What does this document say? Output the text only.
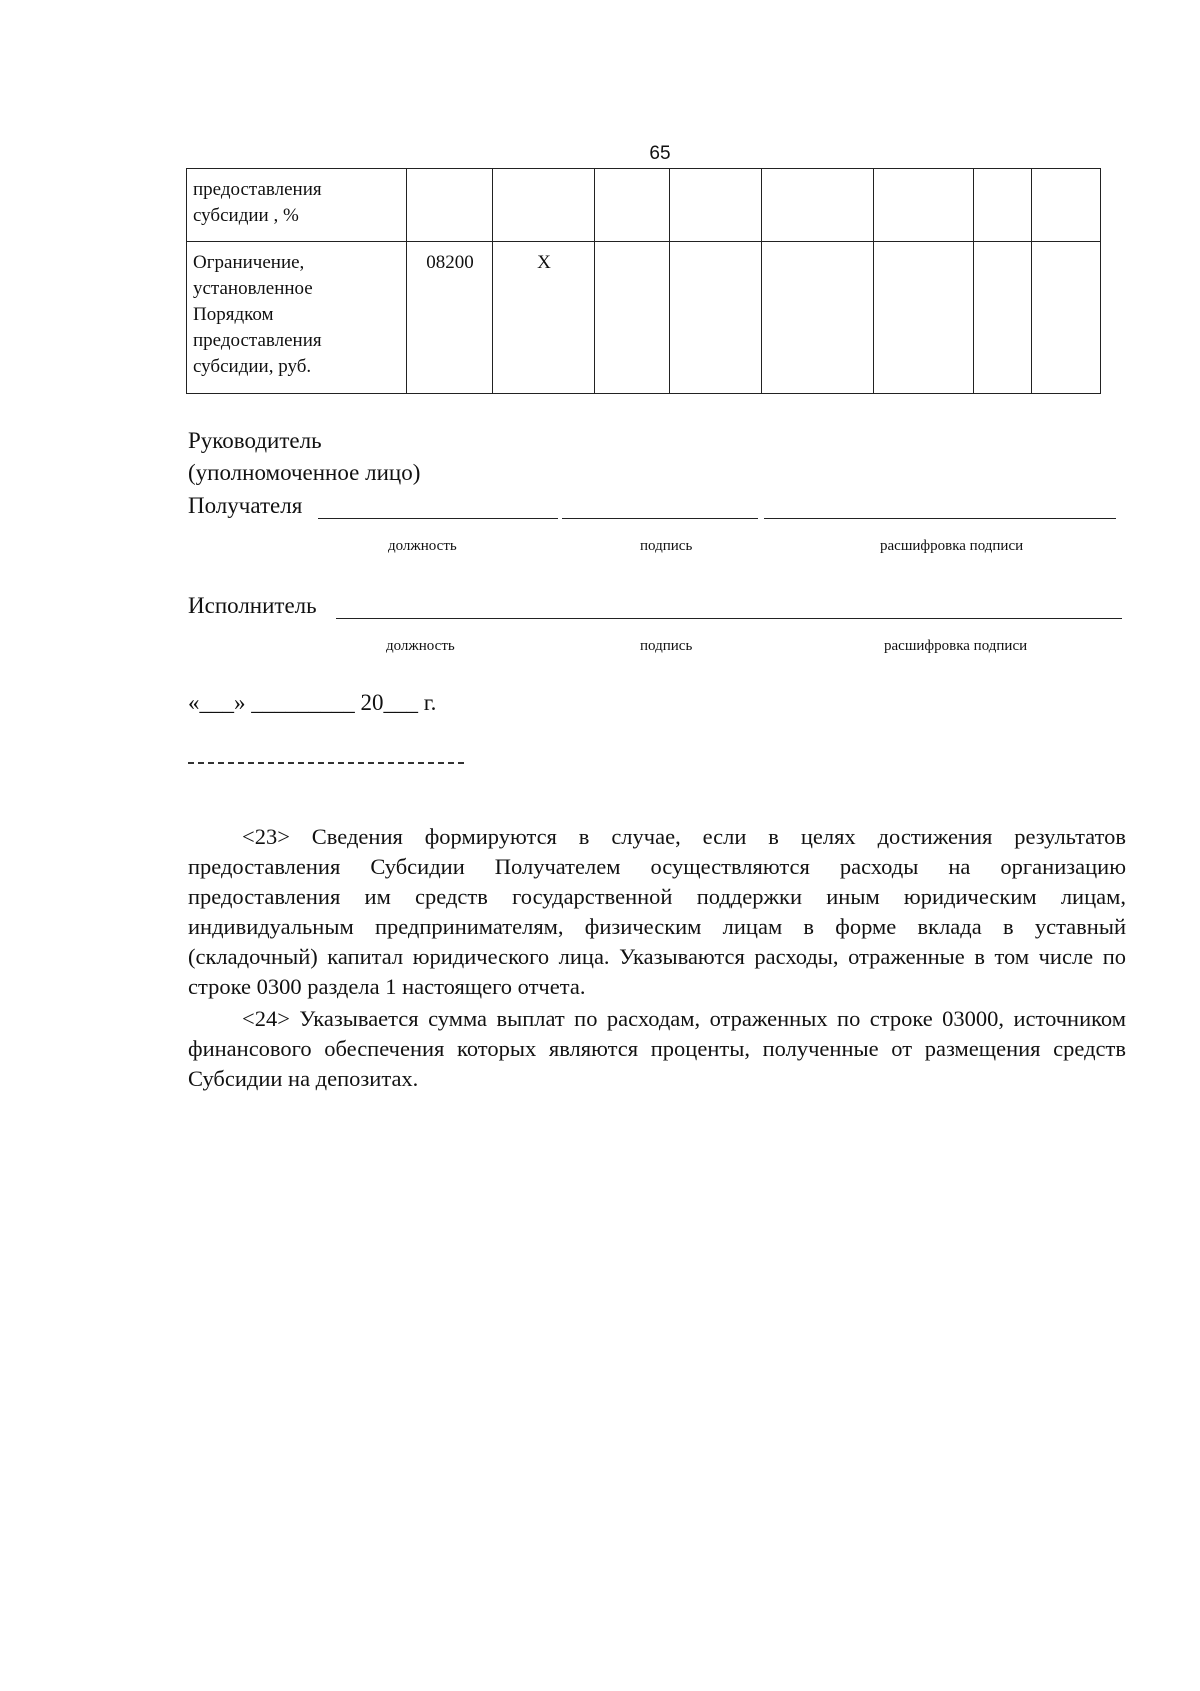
65
предоставления
субсидии , %									

Ограничение,
установленное
Порядком
предоставления
субсидии, руб.	08200	X							
Руководитель
(уполномоченное лицо)
Получателя
должность	подпись	расшифровка подписи
Исполнитель
должность	подпись	расшифровка подписи
«___» _________ 20___ г.

<23> Сведения формируются в случае, если в целях достижения результатов предоставления Субсидии Получателем осуществляются расходы на организацию предоставления им средств государственной поддержки иным юридическим лицам, индивидуальным предпринимателям, физическим лицам в форме вклада в уставный (складочный) капитал юридического лица. Указываются расходы, отраженные в том числе по строке 0300 раздела 1 настоящего отчета.

<24> Указывается сумма выплат по расходам, отраженных по строке 03000, источником финансового обеспечения которых являются проценты, полученные от размещения средств Субсидии на депозитах.
